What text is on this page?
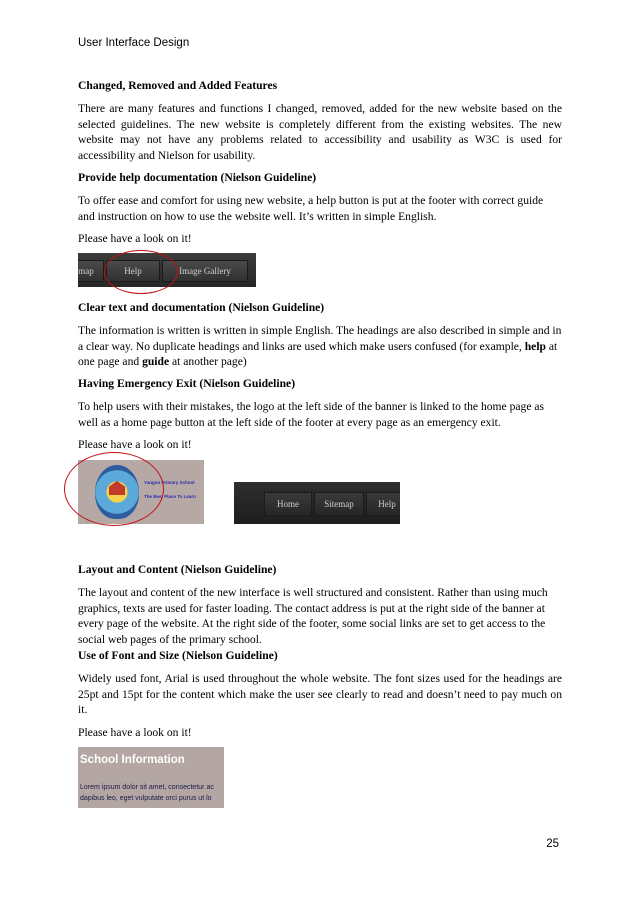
User Interface Design
Changed, Removed and Added Features
There are many features and functions I changed, removed, added for the new website based on the selected guidelines. The new website is completely different from the existing websites. The new website may not have any problems related to accessibility and usability as W3C is used for accessibility and Nielson for usability.
Provide help documentation (Nielson Guideline)
To offer ease and comfort for using new website, a help button is put at the footer with correct guide and instruction on how to use the website well. It’s written in simple English.
Please have a look on it!
map	Help	Image Gallery
Clear text and documentation (Nielson Guideline)
The information is written is written in simple English. The headings are also described in simple and in a clear way. No duplicate headings and links are used which make users confused (for example, help at one page and guide at another page)
Having Emergency Exit (Nielson Guideline)
To help users with their mistakes, the logo at the left side of the banner is linked to the home page as well as a home page button at the left side of the footer at every page as an emergency exit.
Please have a look on it!
Yangon Primary School
The Best Place To Learn
Home	Sitemap	Help
Layout and Content (Nielson Guideline)
The layout and content of the new interface is well structured and consistent. Rather than using much graphics, texts are used for faster loading. The contact address is put at the right side of the banner at every page of the website. At the right side of the footer, some social links are set to get access to the social web pages of the primary school.
Use of Font and Size (Nielson Guideline)
Widely used font, Arial is used throughout the whole website. The font sizes used for the headings are 25pt and 15pt for the content which make the user see clearly to read and doesn’t need to pay much on it.
Please have a look on it!
School Information
Lorem ipsum dolor sit amet, consectetur ac
dapibus leo, eget vulputate orci purus ut lo
25
